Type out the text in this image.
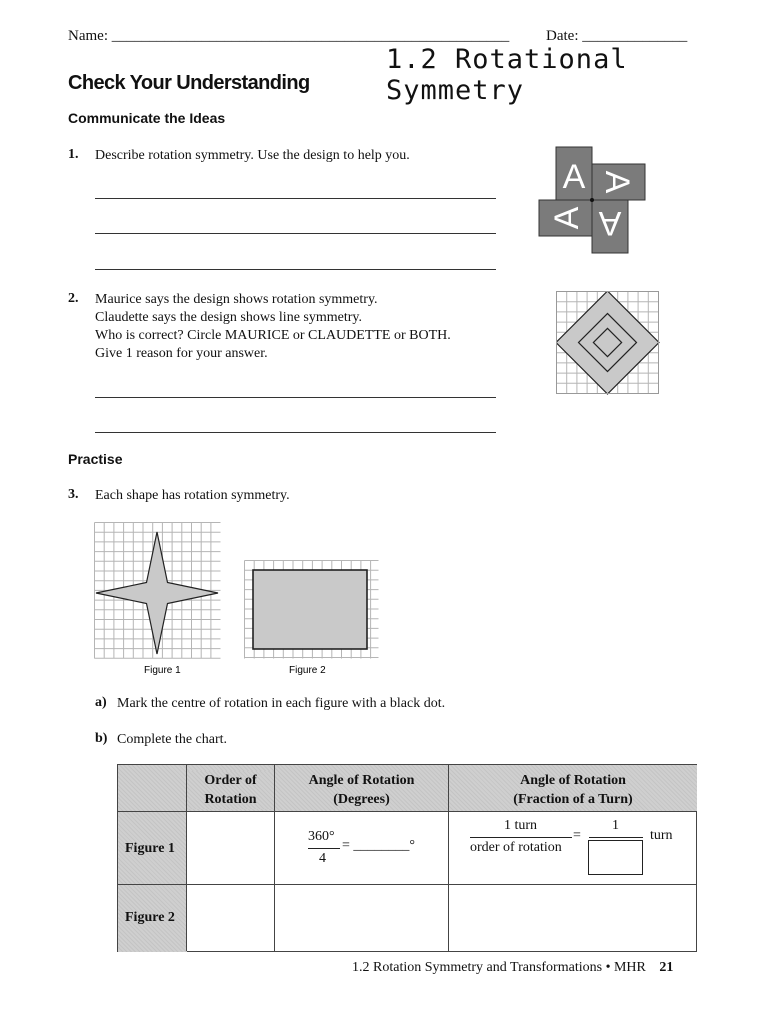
Name: _____________________________________________________ Date: ______________
1.2 Rotational Symmetry
Check Your Understanding
Communicate the Ideas
1. Describe rotation symmetry. Use the design to help you.
A A
A
A
2. Maurice says the design shows rotation symmetry.
Claudette says the design shows line symmetry.
Who is correct? Circle MAURICE or CLAUDETTE or BOTH.
Give 1 reason for your answer.
Practise
3. Each shape has rotation symmetry.
Figure 1	Figure 2
a) Mark the centre of rotation in each figure with a black dot.
b) Complete the chart.
Order of
Rotation
Angle of Rotation
(Degrees)
Angle of Rotation
(Fraction of a Turn)
Figure 1
Figure 2
360°
4
= ________°
1 turn
order of rotation
=
1
turn
1.2 Rotation Symmetry and Transformations • MHR 21
